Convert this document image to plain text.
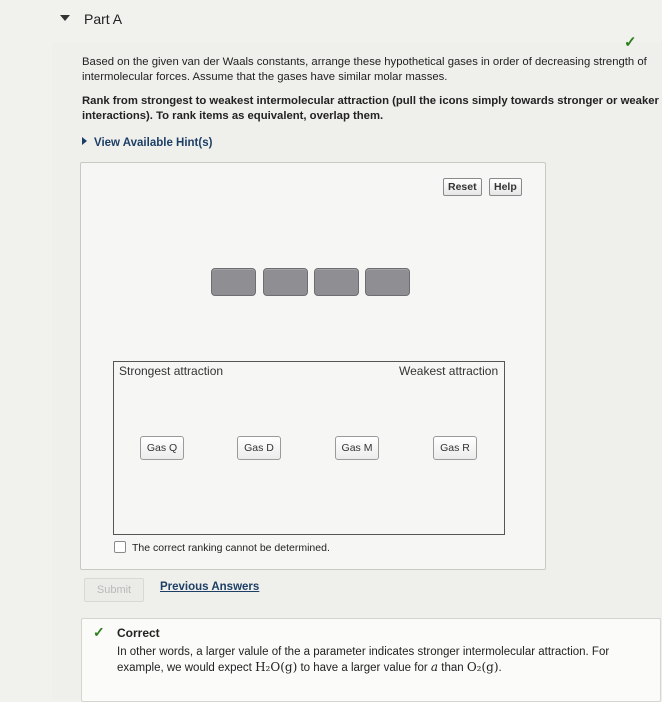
Part A
✓
Based on the given van der Waals constants, arrange these hypothetical gases in order of decreasing strength of intermolecular forces. Assume that the gases have similar molar masses.
Rank from strongest to weakest intermolecular attraction (pull the icons simply towards stronger or weaker interactions). To rank items as equivalent, overlap them.
View Available Hint(s)
Reset	Help
Strongest attraction	Weakest attraction
Gas Q	Gas D	Gas M	Gas R
The correct ranking cannot be determined.
Submit	Previous Answers
✓ Correct
In other words, a larger valule of the a parameter indicates stronger intermolecular attraction. For
example, we would expect H₂O(g) to have a larger value for a than O₂(g).
